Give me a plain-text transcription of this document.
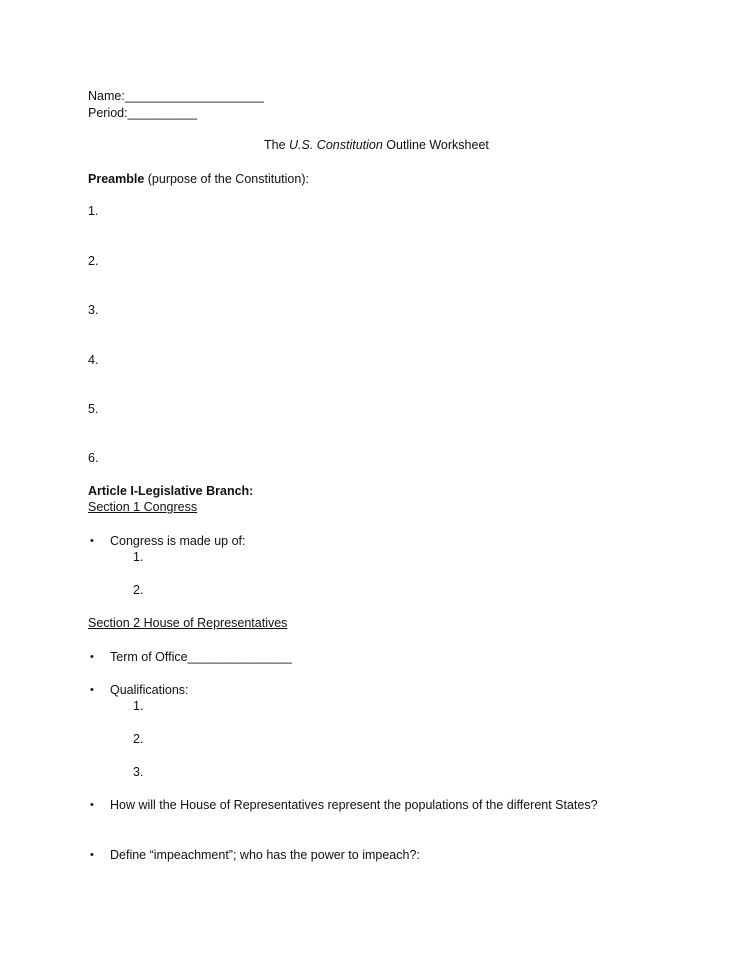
Name:____________________
Period:__________
The U.S. Constitution Outline Worksheet
Preamble (purpose of the Constitution):
1.
2.
3.
4.
5.
6.
Article I-Legislative Branch:
Section 1 Congress
• Congress is made up of:
1.
2.
Section 2 House of Representatives
• Term of Office_______________
• Qualifications:
1.
2.
3.
• How will the House of Representatives represent the populations of the different States?
• Define “impeachment”; who has the power to impeach?:
